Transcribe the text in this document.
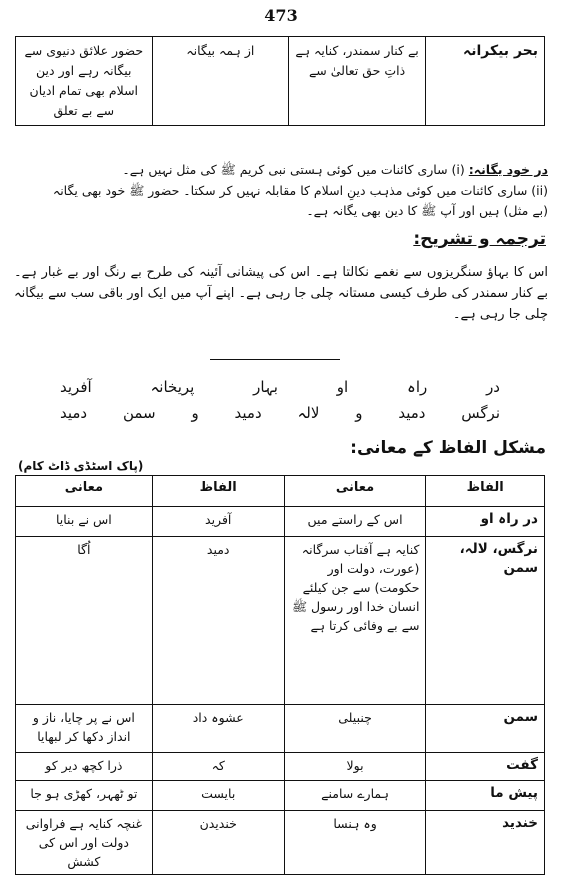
473
حضور علائق دنیوی سے بیگانہ رہے اور دین اسلام بھی تمام ادیان سے بے تعلق	از ہمہ بیگانہ	بے کنار سمندر، کنایہ ہے ذاتِ حق تعالیٰ سے	بحر بیکرانہ
در خود یگانہ: (i) ساری کائنات میں کوئی ہستی نبی کریم ﷺ کی مثل نہیں ہے۔
(ii) ساری کائنات میں کوئی مذہب دینِ اسلام کا مقابلہ نہیں کر سکتا۔ حضور ﷺ خود بھی یگانہ
(بے مثل) ہیں اور آپ ﷺ کا دین بھی یگانہ ہے۔
ترجمہ و تشریح:
اس کا بہاؤ سنگریزوں سے نغمے نکالتا ہے۔ اس کی پیشانی آئینہ کی طرح بے رنگ اور بے غبار ہے۔ بے کنار سمندر کی طرف کیسی مستانہ چلی جا رہی ہے۔ اپنے آپ میں ایک اور باقی سب سے بیگانہ چلی جا رہی ہے۔
در راہ او بہار پریخانہ آفرید
نرگس دمید و لالہ دمید و سمن دمید
مشکل الفاظ کے معانی:
(پاک اسٹڈی ڈاٹ کام)
معانی	الفاظ	معانی	الفاظ
اس نے بنایا	آفرید	اس کے راستے میں	در راہ او
اُگا	دمید	کنایہ ہے آفتاب سرگانہ (عورت، دولت اور حکومت) سے جن کیلئے انسان خدا اور رسول ﷺ سے بے وفائی کرتا ہے	نرگس، لالہ، سمن
اس نے پر چایا، ناز و انداز دکھا کر لبھایا	عشوہ داد	چنبیلی	سمن
ذرا کچھ دیر کو	کہ	بولا	گفت
تو ٹھہر، کھڑی ہو جا	بایست	ہمارے سامنے	پیش ما
غنچہ کنایہ ہے فراوانی دولت اور اس کی کشش	خندیدن	وہ ہنسا	خندید
